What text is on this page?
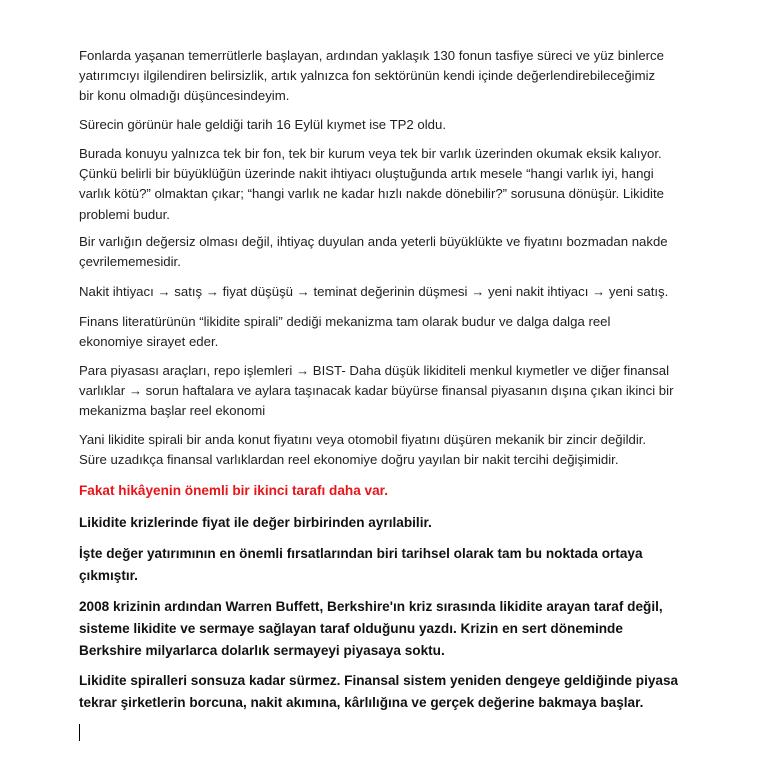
Fonlarda yaşanan temerrütlerle başlayan, ardından yaklaşık 130 fonun tasfiye süreci ve yüz binlerce
yatırımcıyı ilgilendiren belirsizlik, artık yalnızca fon sektörünün kendi içinde değerlendirebileceğimiz
bir konu olmadığı düşüncesindeyim.

Sürecin görünür hale geldiği tarih 16 Eylül kıymet ise TP2 oldu.

Burada konuyu yalnızca tek bir fon, tek bir kurum veya tek bir varlık üzerinden okumak eksik kalıyor.
Çünkü belirli bir büyüklüğün üzerinde nakit ihtiyacı oluştuğunda artık mesele “hangi varlık iyi, hangi
varlık kötü?” olmaktan çıkar; “hangi varlık ne kadar hızlı nakde dönebilir?” sorusuna dönüşür. Likidite
problemi budur.

Bir varlığın değersiz olması değil, ihtiyaç duyulan anda yeterli büyüklükte ve fiyatını bozmadan nakde
çevrilememesidir.

Nakit ihtiyacı → satış → fiyat düşüşü → teminat değerinin düşmesi → yeni nakit ihtiyacı → yeni satış.

Finans literatürünün “likidite spirali” dediği mekanizma tam olarak budur ve dalga dalga reel
ekonomiye sirayet eder.

Para piyasası araçları, repo işlemleri → BIST- Daha düşük likiditeli menkul kıymetler ve diğer finansal
varlıklar → sorun haftalara ve aylara taşınacak kadar büyürse finansal piyasanın dışına çıkan ikinci bir
mekanizma başlar reel ekonomi

Yani likidite spirali bir anda konut fiyatını veya otomobil fiyatını düşüren mekanik bir zincir değildir.
Süre uzadıkça finansal varlıklardan reel ekonomiye doğru yayılan bir nakit tercihi değişimidir.

Fakat hikâyenin önemli bir ikinci tarafı daha var.

Likidite krizlerinde fiyat ile değer birbirinden ayrılabilir.

İşte değer yatırımının en önemli fırsatlarından biri tarihsel olarak tam bu noktada ortaya
çıkmıştır.

2008 krizinin ardından Warren Buffett, Berkshire'ın kriz sırasında likidite arayan taraf değil,
sisteme likidite ve sermaye sağlayan taraf olduğunu yazdı. Krizin en sert döneminde
Berkshire milyarlarca dolarlık sermayeyi piyasaya soktu.

Likidite spiralleri sonsuza kadar sürmez. Finansal sistem yeniden dengeye geldiğinde piyasa
tekrar şirketlerin borcuna, nakit akımına, kârlılığına ve gerçek değerine bakmaya başlar.
